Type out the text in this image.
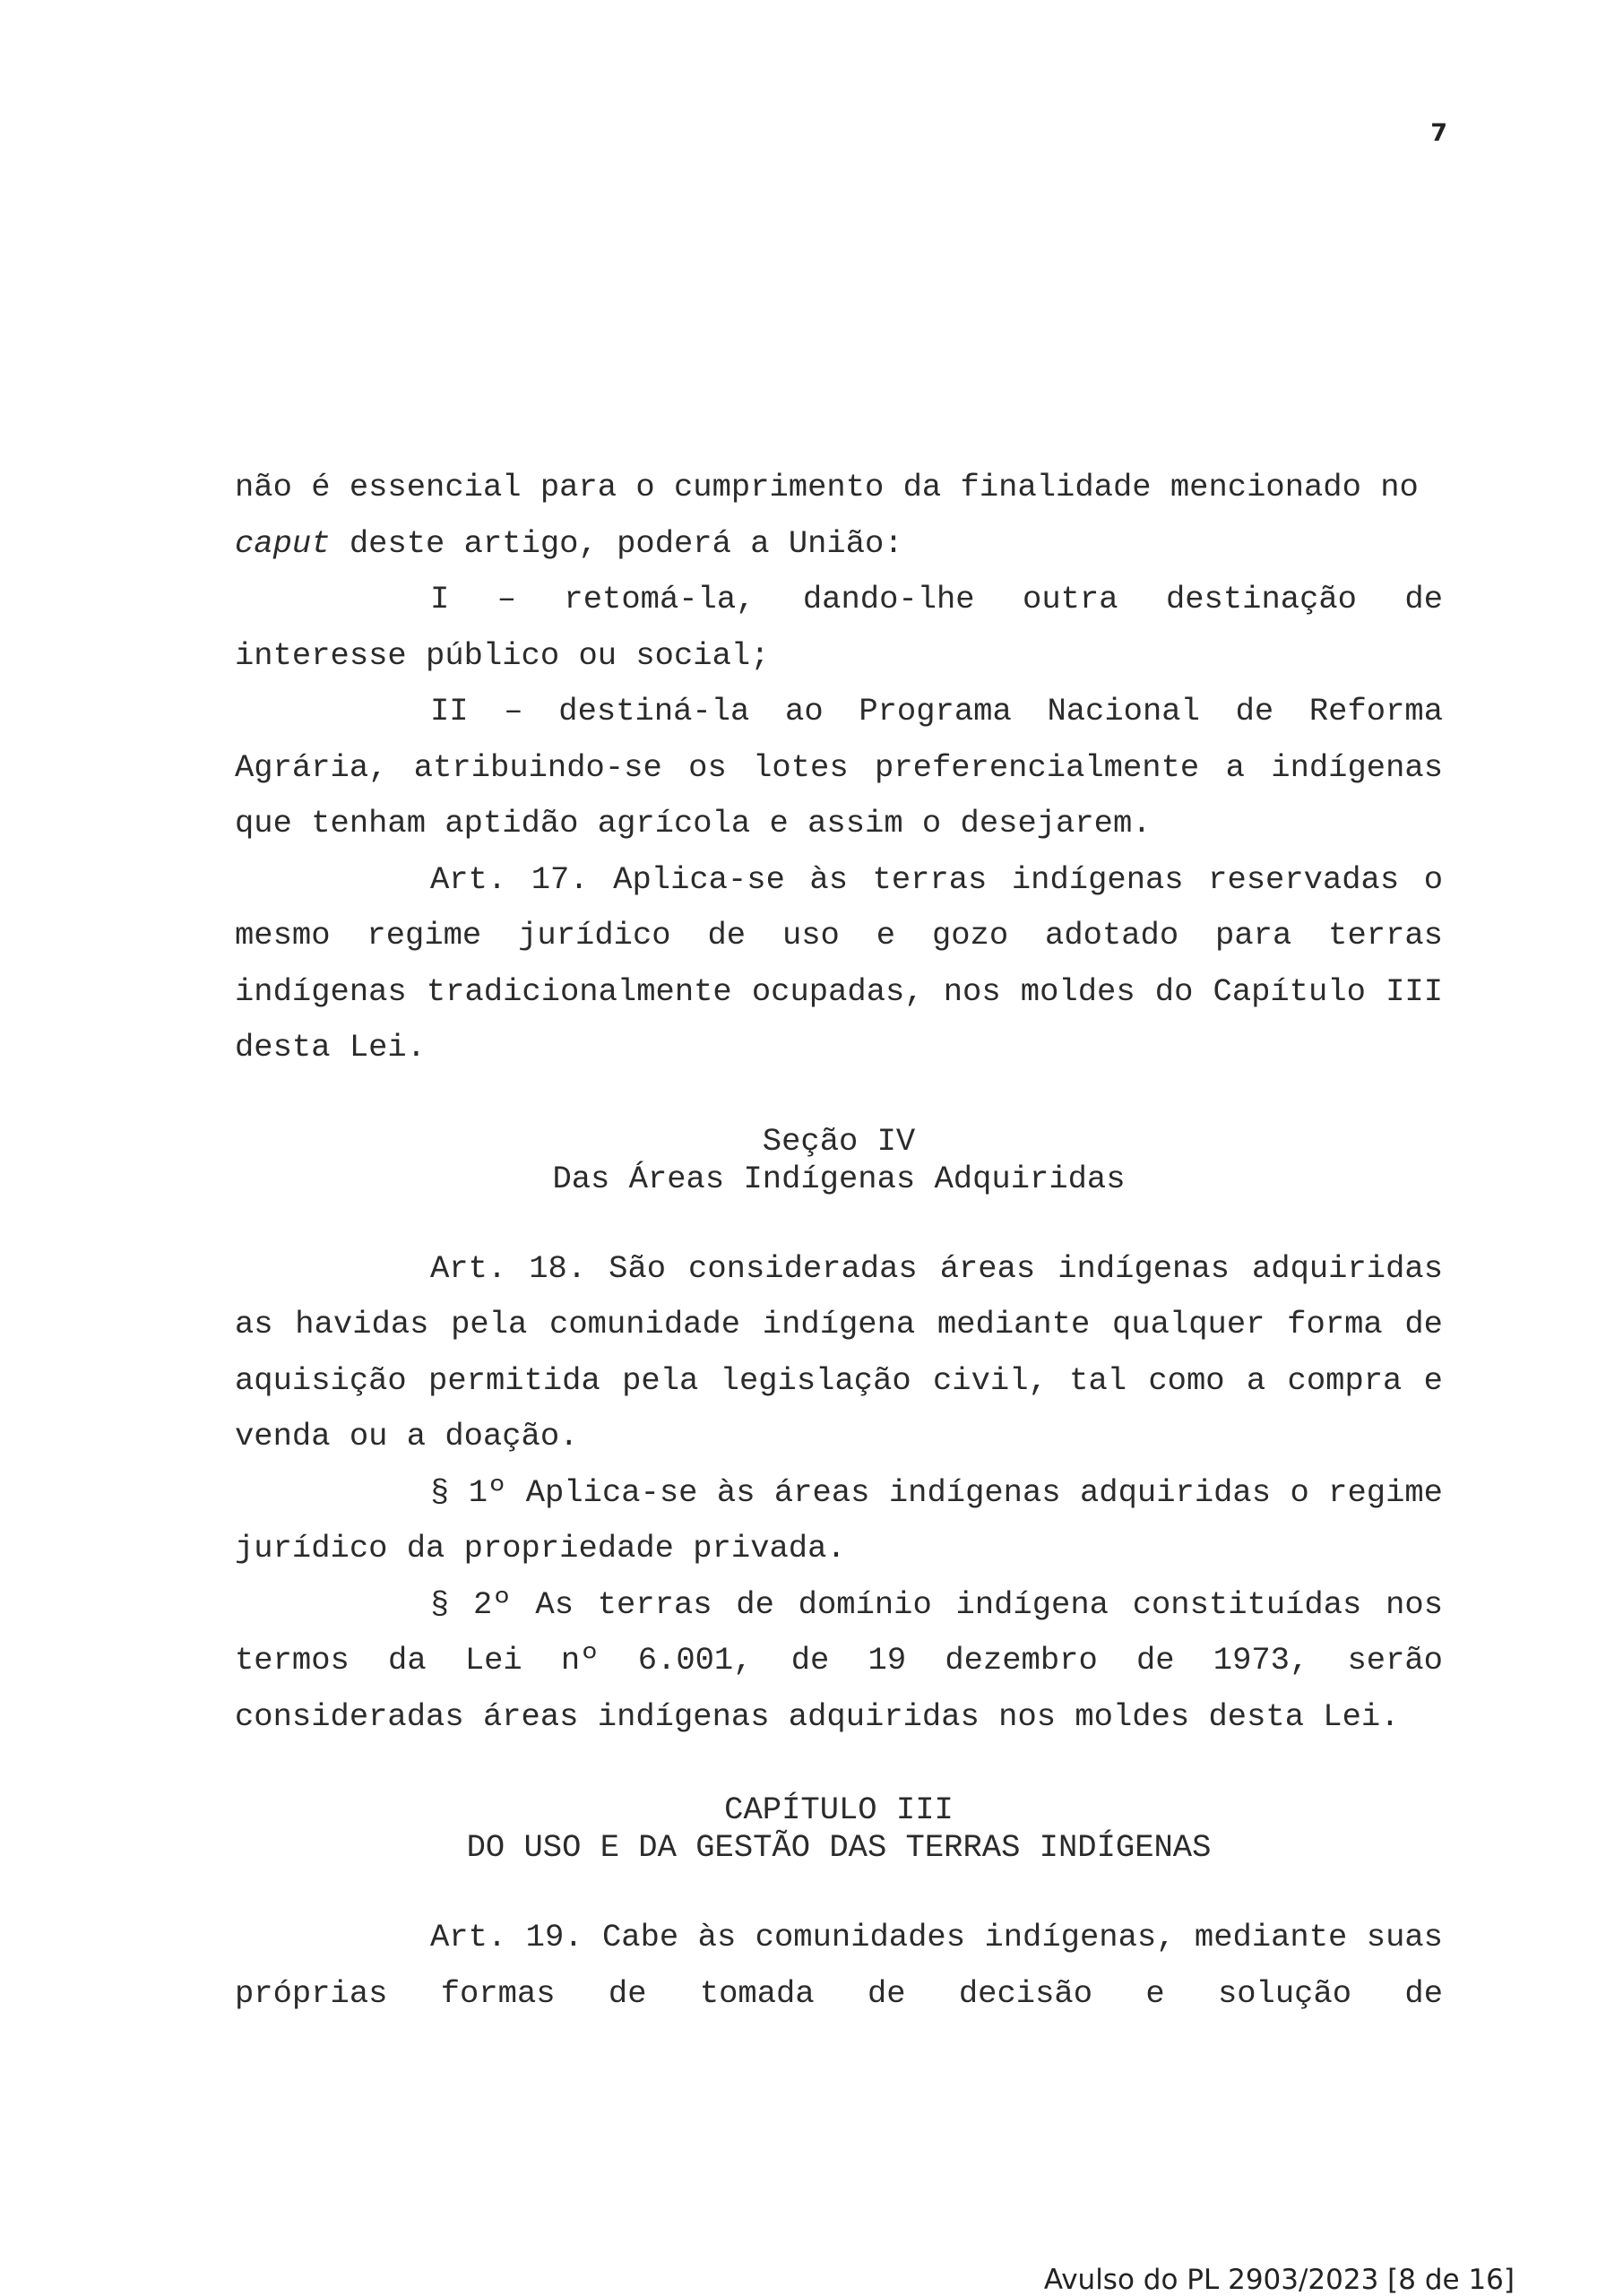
7

não é essencial para o cumprimento da finalidade mencionado no

caput deste artigo, poderá a União:

I – retomá-la, dando-lhe outra destinação de interesse público ou social;

II – destiná-la ao Programa Nacional de Reforma Agrária, atribuindo-se os lotes preferencialmente a indígenas que tenham aptidão agrícola e assim o desejarem.

Art. 17. Aplica-se às terras indígenas reservadas o mesmo regime jurídico de uso e gozo adotado para terras indígenas tradicionalmente ocupadas, nos moldes do Capítulo III desta Lei.

Seção IV

Das Áreas Indígenas Adquiridas

Art. 18. São consideradas áreas indígenas adquiridas as havidas pela comunidade indígena mediante qualquer forma de aquisição permitida pela legislação civil, tal como a compra e venda ou a doação.

§ 1º Aplica-se às áreas indígenas adquiridas o regime jurídico da propriedade privada.

§ 2º As terras de domínio indígena constituídas nos termos da Lei nº 6.001, de 19 dezembro de 1973, serão consideradas áreas indígenas adquiridas nos moldes desta Lei.

CAPÍTULO III

DO USO E DA GESTÃO DAS TERRAS INDÍGENAS

Art. 19. Cabe às comunidades indígenas, mediante suas próprias formas de tomada de decisão e solução de

Avulso do PL 2903/2023 [8 de 16]
